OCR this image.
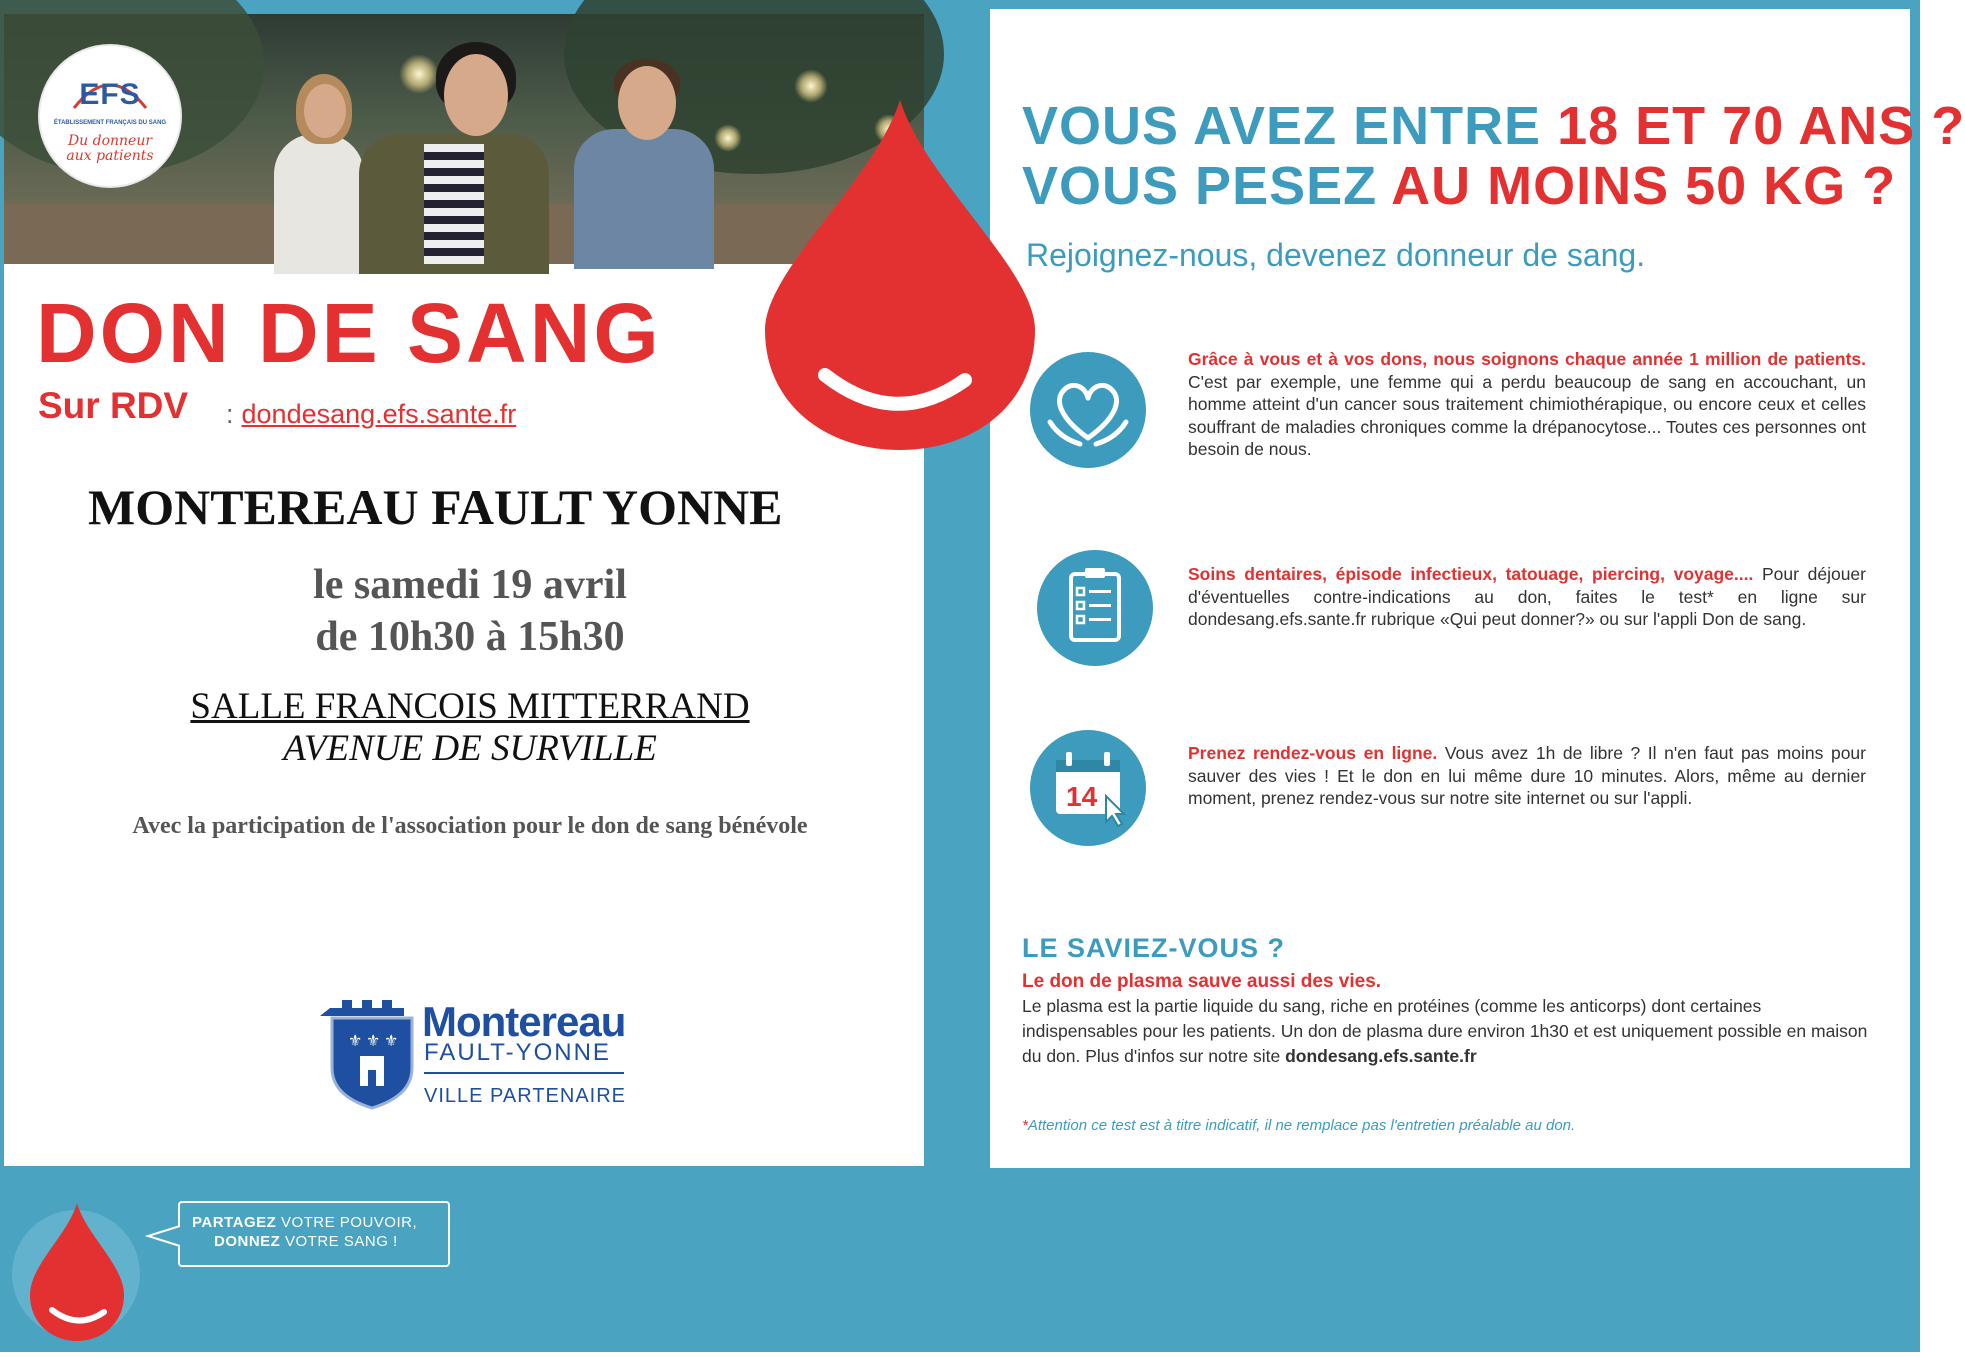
EFS
ÉTABLISSEMENT FRANÇAIS DU SANG
Du donneur
aux patients
DON DE SANG
Sur RDV : dondesang.efs.sante.fr
MONTEREAU FAULT YONNE
le samedi 19 avril
de 10h30 à 15h30
SALLE FRANCOIS MITTERRAND
AVENUE DE SURVILLE
Avec la participation de l'association pour le don de sang bénévole
⚜ ⚜ ⚜ Montereau
FAULT-YONNE
VILLE PARTENAIRE
PARTAGEZ VOTRE POUVOIR,
DONNEZ VOTRE SANG !
VOUS AVEZ ENTRE 18 ET 70 ANS ?
VOUS PESEZ AU MOINS 50 KG ?
Rejoignez-nous, devenez donneur de sang.
Grâce à vous et à vos dons, nous soignons chaque année 1 million de patients. C'est par exemple, une femme qui a perdu beaucoup de sang en accouchant, un homme atteint d'un cancer sous traitement chimiothérapique, ou encore ceux et celles souffrant de maladies chroniques comme la drépanocytose... Toutes ces personnes ont besoin de nous.
Soins dentaires, épisode infectieux, tatouage, piercing, voyage.... Pour déjouer d'éventuelles contre-indications au don, faites le test* en ligne sur dondesang.efs.sante.fr rubrique «Qui peut donner?» ou sur l'appli Don de sang.
14
Prenez rendez-vous en ligne. Vous avez 1h de libre ? Il n'en faut pas moins pour sauver des vies ! Et le don en lui même dure 10 minutes. Alors, même au dernier moment, prenez rendez-vous sur notre site internet ou sur l'appli.
LE SAVIEZ-VOUS ?
Le don de plasma sauve aussi des vies.
Le plasma est la partie liquide du sang, riche en protéines (comme les anticorps) dont certaines indispensables pour les patients. Un don de plasma dure environ 1h30 et est uniquement possible en maison du don. Plus d'infos sur notre site dondesang.efs.sante.fr
*Attention ce test est à titre indicatif, il ne remplace pas l'entretien préalable au don.
